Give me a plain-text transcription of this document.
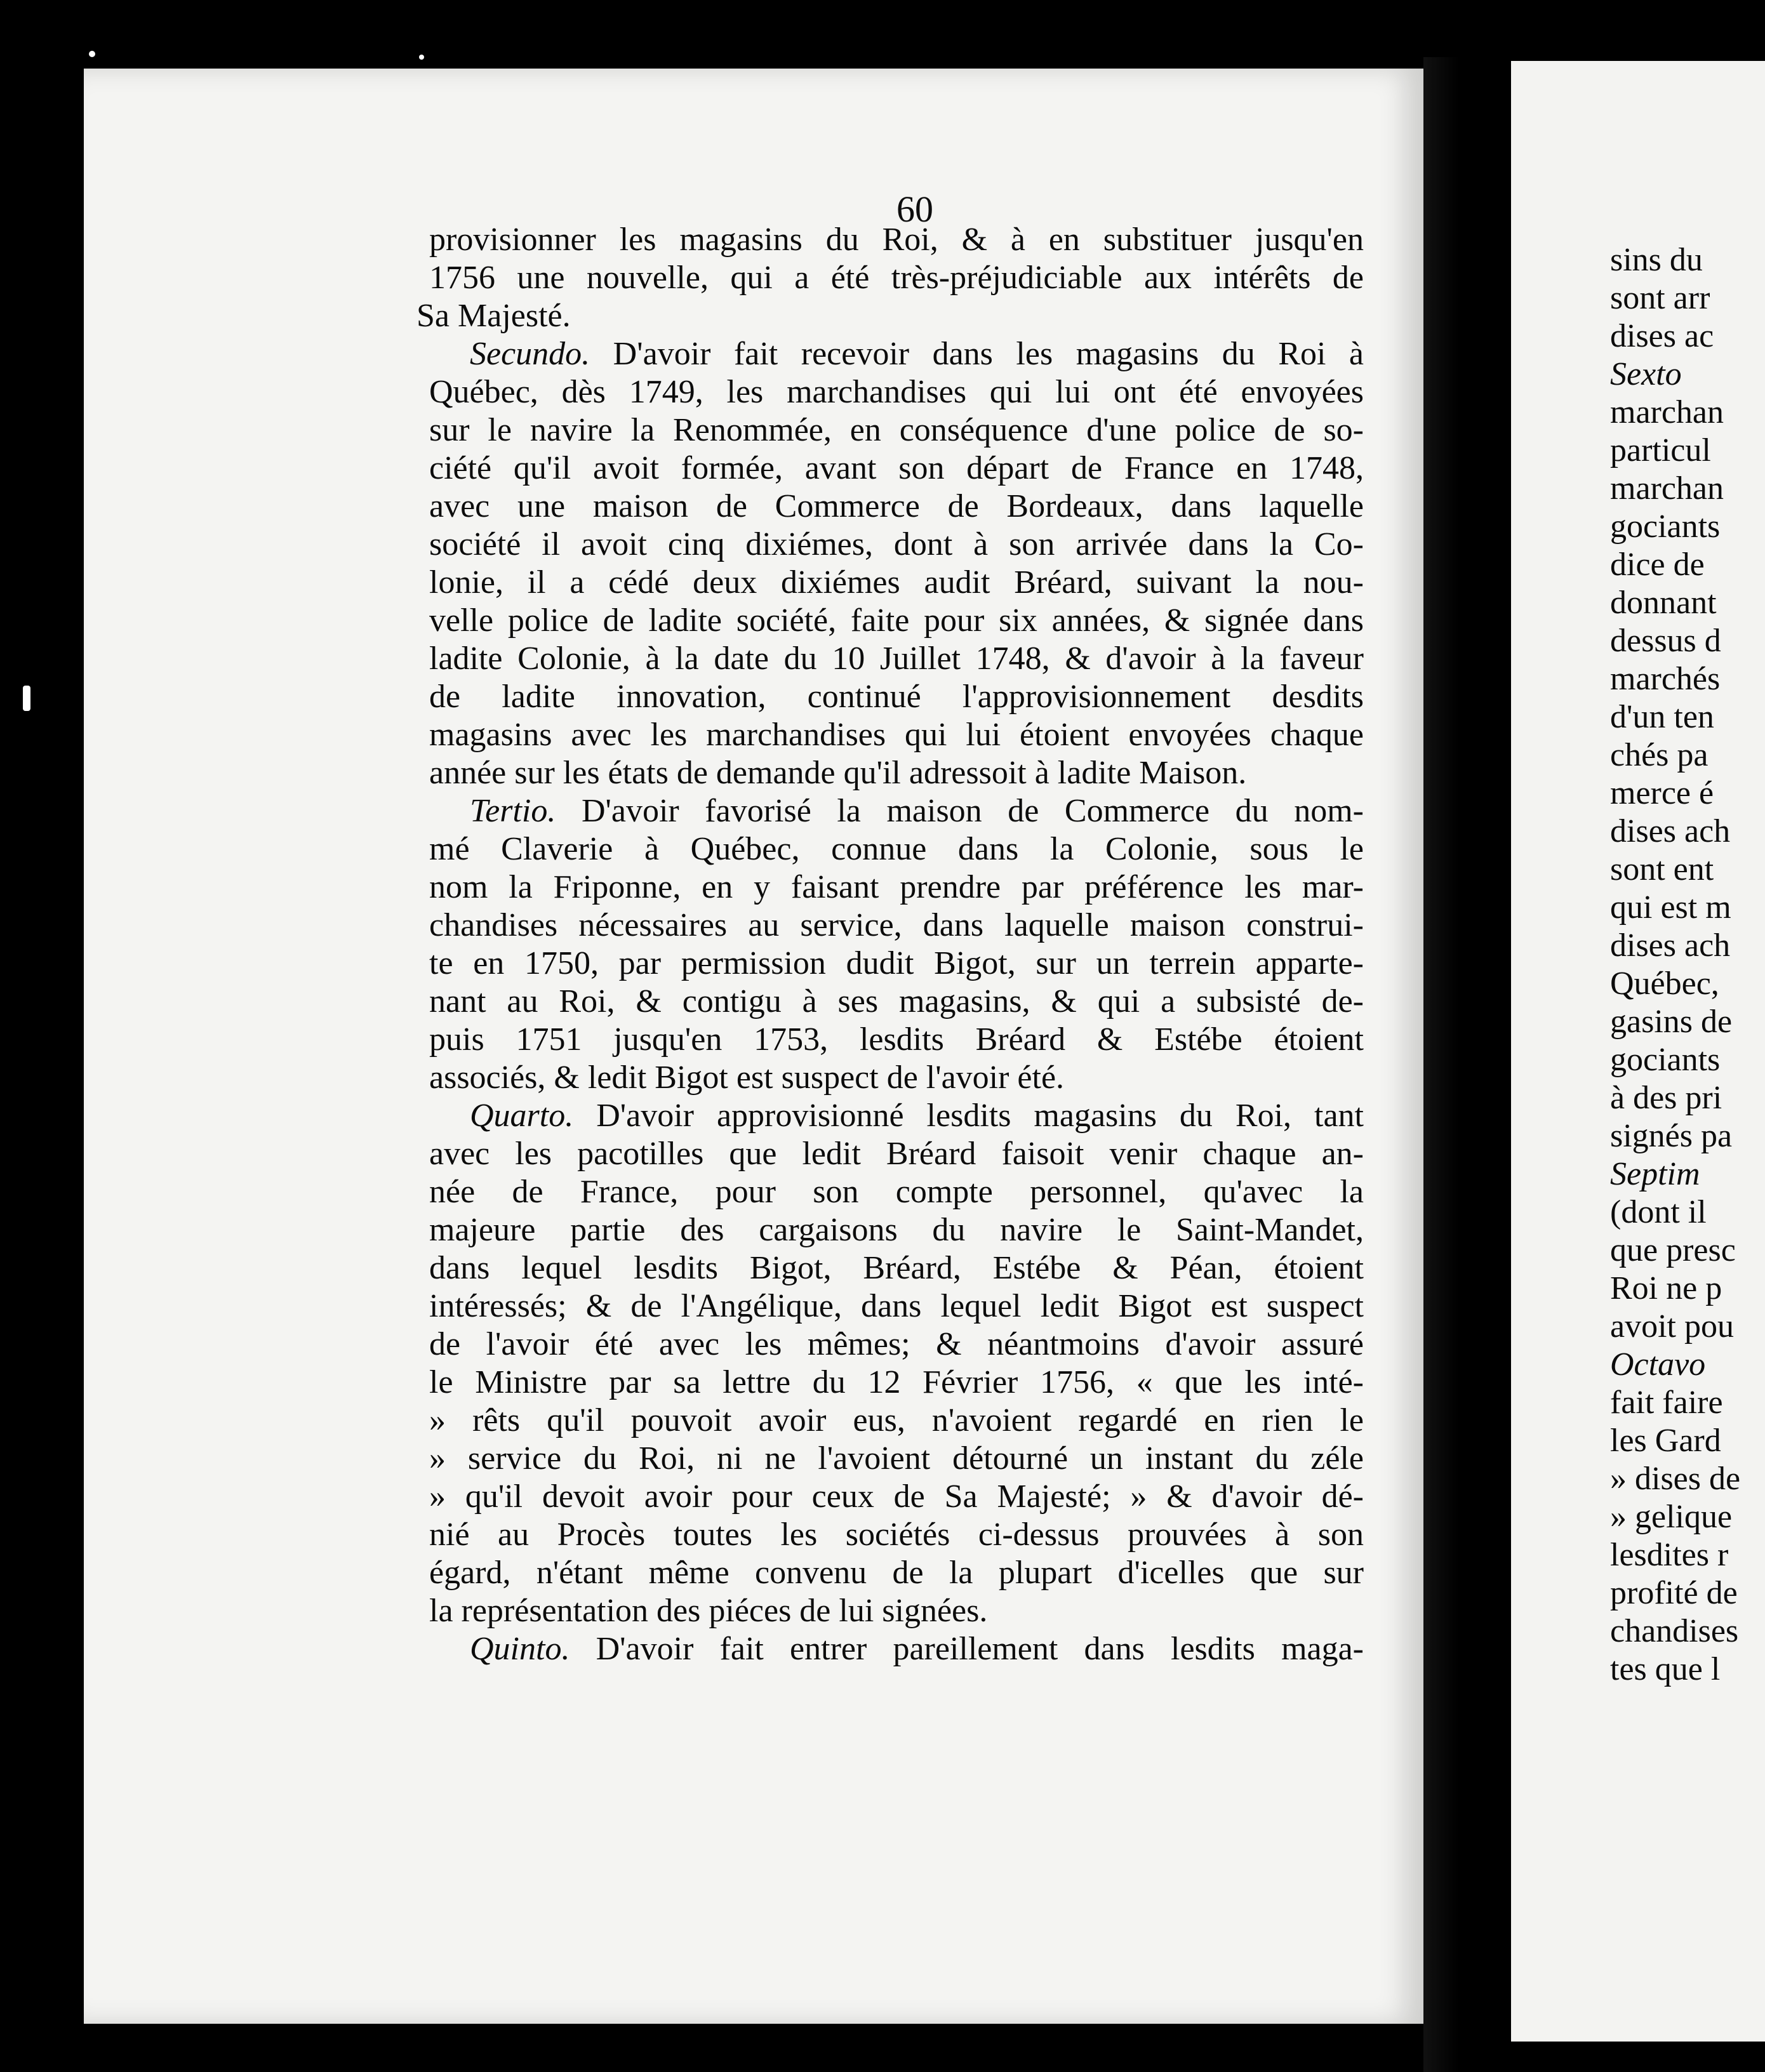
60
provisionner les magasins du Roi, & à en substituer jusqu'en
1756 une nouvelle, qui a été très-préjudiciable aux intérêts de
Sa Majesté.
Secundo. D'avoir fait recevoir dans les magasins du Roi à
Québec, dès 1749, les marchandises qui lui ont été envoyées
sur le navire la Renommée, en conséquence d'une police de so-
ciété qu'il avoit formée, avant son départ de France en 1748,
avec une maison de Commerce de Bordeaux, dans laquelle
société il avoit cinq dixiémes, dont à son arrivée dans la Co-
lonie, il a cédé deux dixiémes audit Bréard, suivant la nou-
velle police de ladite société, faite pour six années, & signée dans
ladite Colonie, à la date du 10 Juillet 1748, & d'avoir à la faveur
de ladite innovation, continué l'approvisionnement desdits
magasins avec les marchandises qui lui étoient envoyées chaque
année sur les états de demande qu'il adressoit à ladite Maison.
Tertio. D'avoir favorisé la maison de Commerce du nom-
mé Claverie à Québec, connue dans la Colonie, sous le
nom la Friponne, en y faisant prendre par préférence les mar-
chandises nécessaires au service, dans laquelle maison construi-
te en 1750, par permission dudit Bigot, sur un terrein apparte-
nant au Roi, & contigu à ses magasins, & qui a subsisté de-
puis 1751 jusqu'en 1753, lesdits Bréard & Estébe étoient
associés, & ledit Bigot est suspect de l'avoir été.
Quarto. D'avoir approvisionné lesdits magasins du Roi, tant
avec les pacotilles que ledit Bréard faisoit venir chaque an-
née de France, pour son compte personnel, qu'avec la
majeure partie des cargaisons du navire le Saint-Mandet,
dans lequel lesdits Bigot, Bréard, Estébe & Péan, étoient
intéressés; & de l'Angélique, dans lequel ledit Bigot est suspect
de l'avoir été avec les mêmes; & néantmoins d'avoir assuré
le Ministre par sa lettre du 12 Février 1756, « que les inté-
» rêts qu'il pouvoit avoir eus, n'avoient regardé en rien le
» service du Roi, ni ne l'avoient détourné un instant du zéle
» qu'il devoit avoir pour ceux de Sa Majesté; » & d'avoir dé-
nié au Procès toutes les sociétés ci-dessus prouvées à son
égard, n'étant même convenu de la plupart d'icelles que sur
la représentation des piéces de lui signées.
Quinto. D'avoir fait entrer pareillement dans lesdits maga-
sins du
sont arr
dises ac
Sexto
marchan
particul
marchan
gociants
dice de
donnant
dessus d
marchés
d'un ten
chés pa
merce é
dises ach
sont ent
qui est m
dises ach
Québec,
gasins de
gociants
à des pri
signés pa
Septim
(dont il
que presc
Roi ne p
avoit pou
Octavo
fait faire
les Gard
» dises de
» gelique
lesdites r
profité de
chandises
tes que l
